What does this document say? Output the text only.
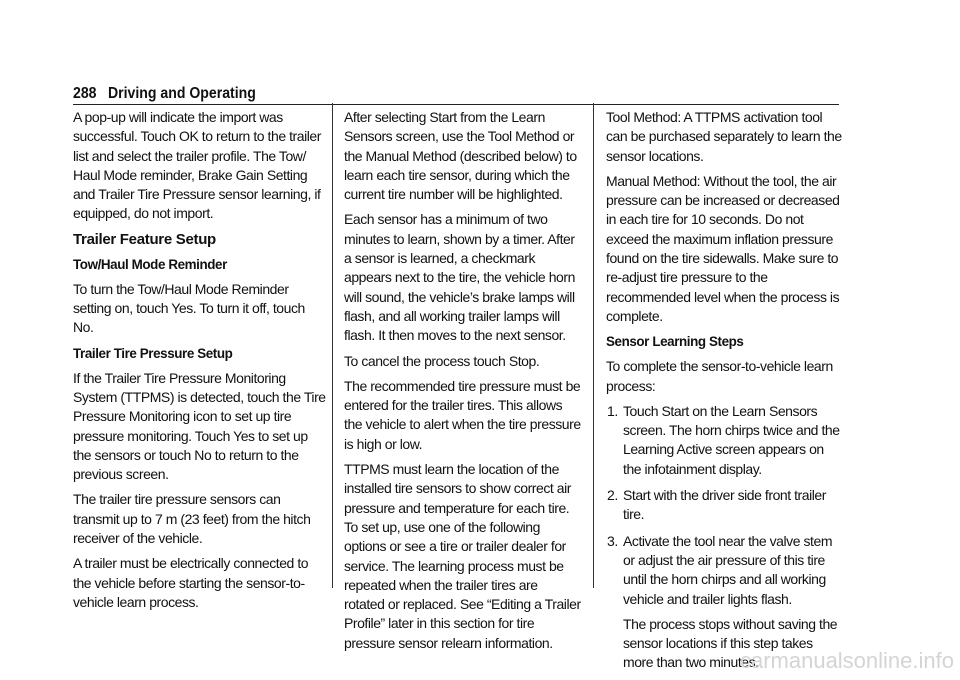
288 Driving and Operating

A pop-up will indicate the import was successful. Touch OK to return to the trailer list and select the trailer profile. The Tow/ Haul Mode reminder, Brake Gain Setting and Trailer Tire Pressure sensor learning, if equipped, do not import.

Trailer Feature Setup
Tow/Haul Mode Reminder

To turn the Tow/Haul Mode Reminder setting on, touch Yes. To turn it off, touch No.

Trailer Tire Pressure Setup

If the Trailer Tire Pressure Monitoring System (TTPMS) is detected, touch the Tire Pressure Monitoring icon to set up tire pressure monitoring. Touch Yes to set up the sensors or touch No to return to the previous screen.

The trailer tire pressure sensors can transmit up to 7 m (23 feet) from the hitch receiver of the vehicle.

A trailer must be electrically connected to the vehicle before starting the sensor-to-vehicle learn process.

After selecting Start from the Learn Sensors screen, use the Tool Method or the Manual Method (described below) to learn each tire sensor, during which the current tire number will be highlighted.

Each sensor has a minimum of two minutes to learn, shown by a timer. After a sensor is learned, a checkmark appears next to the tire, the vehicle horn will sound, the vehicle’s brake lamps will flash, and all working trailer lamps will flash. It then moves to the next sensor.

To cancel the process touch Stop.

The recommended tire pressure must be entered for the trailer tires. This allows the vehicle to alert when the tire pressure is high or low.

TTPMS must learn the location of the installed tire sensors to show correct air pressure and temperature for each tire. To set up, use one of the following options or see a tire or trailer dealer for service. The learning process must be repeated when the trailer tires are rotated or replaced. See “Editing a Trailer Profile” later in this section for tire pressure sensor relearn information.

Tool Method: A TTPMS activation tool can be purchased separately to learn the sensor locations.

Manual Method: Without the tool, the air pressure can be increased or decreased in each tire for 10 seconds. Do not exceed the maximum inflation pressure found on the tire sidewalls. Make sure to re-adjust tire pressure to the recommended level when the process is complete.

Sensor Learning Steps

To complete the sensor-to-vehicle learn process:

1. Touch Start on the Learn Sensors screen. The horn chirps twice and the Learning Active screen appears on the infotainment display.
2. Start with the driver side front trailer tire.
3. Activate the tool near the valve stem or adjust the air pressure of this tire until the horn chirps and all working vehicle and trailer lights flash.

The process stops without saving the sensor locations if this step takes more than two minutes.

carmanualsonline.info
